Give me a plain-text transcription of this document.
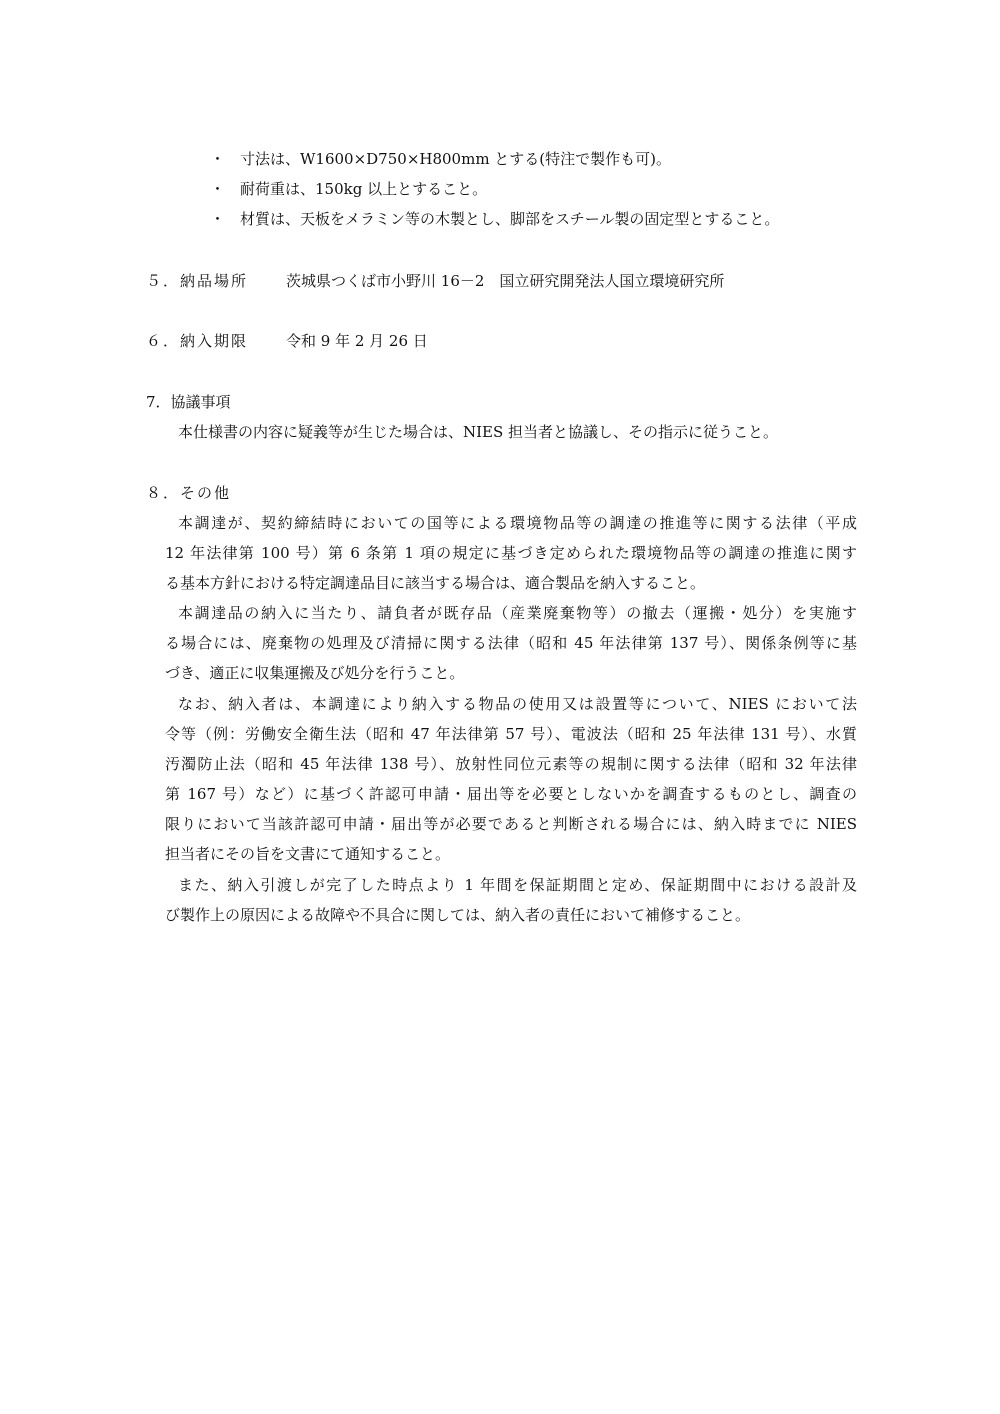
・ 寸法は、W1600×D750×H800mm とする(特注で製作も可)。
・ 耐荷重は、150kg 以上とすること。
・ 材質は、天板をメラミン等の木製とし、脚部をスチール製の固定型とすること。
５．納品場所	茨城県つくば市小野川 16－2　国立研究開発法人国立環境研究所
６．納入期限	令和 9 年 2 月 26 日
7．協議事項
本仕様書の内容に疑義等が生じた場合は、NIES 担当者と協議し、その指示に従うこと。
８．その他
本調達が、契約締結時においての国等による環境物品等の調達の推進等に関する法律（平成
12 年法律第 100 号）第 6 条第 1 項の規定に基づき定められた環境物品等の調達の推進に関す
る基本方針における特定調達品目に該当する場合は、適合製品を納入すること。
本調達品の納入に当たり、請負者が既存品（産業廃棄物等）の撤去（運搬・処分）を実施す
る場合には、廃棄物の処理及び清掃に関する法律（昭和 45 年法律第 137 号）、関係条例等に基
づき、適正に収集運搬及び処分を行うこと。
なお、納入者は、本調達により納入する物品の使用又は設置等について、NIES において法
令等（例：労働安全衛生法（昭和 47 年法律第 57 号）、電波法（昭和 25 年法律 131 号）、水質
汚濁防止法（昭和 45 年法律 138 号）、放射性同位元素等の規制に関する法律（昭和 32 年法律
第 167 号）など）に基づく許認可申請・届出等を必要としないかを調査するものとし、調査の
限りにおいて当該許認可申請・届出等が必要であると判断される場合には、納入時までに NIES
担当者にその旨を文書にて通知すること。
また、納入引渡しが完了した時点より 1 年間を保証期間と定め、保証期間中における設計及
び製作上の原因による故障や不具合に関しては、納入者の責任において補修すること。
